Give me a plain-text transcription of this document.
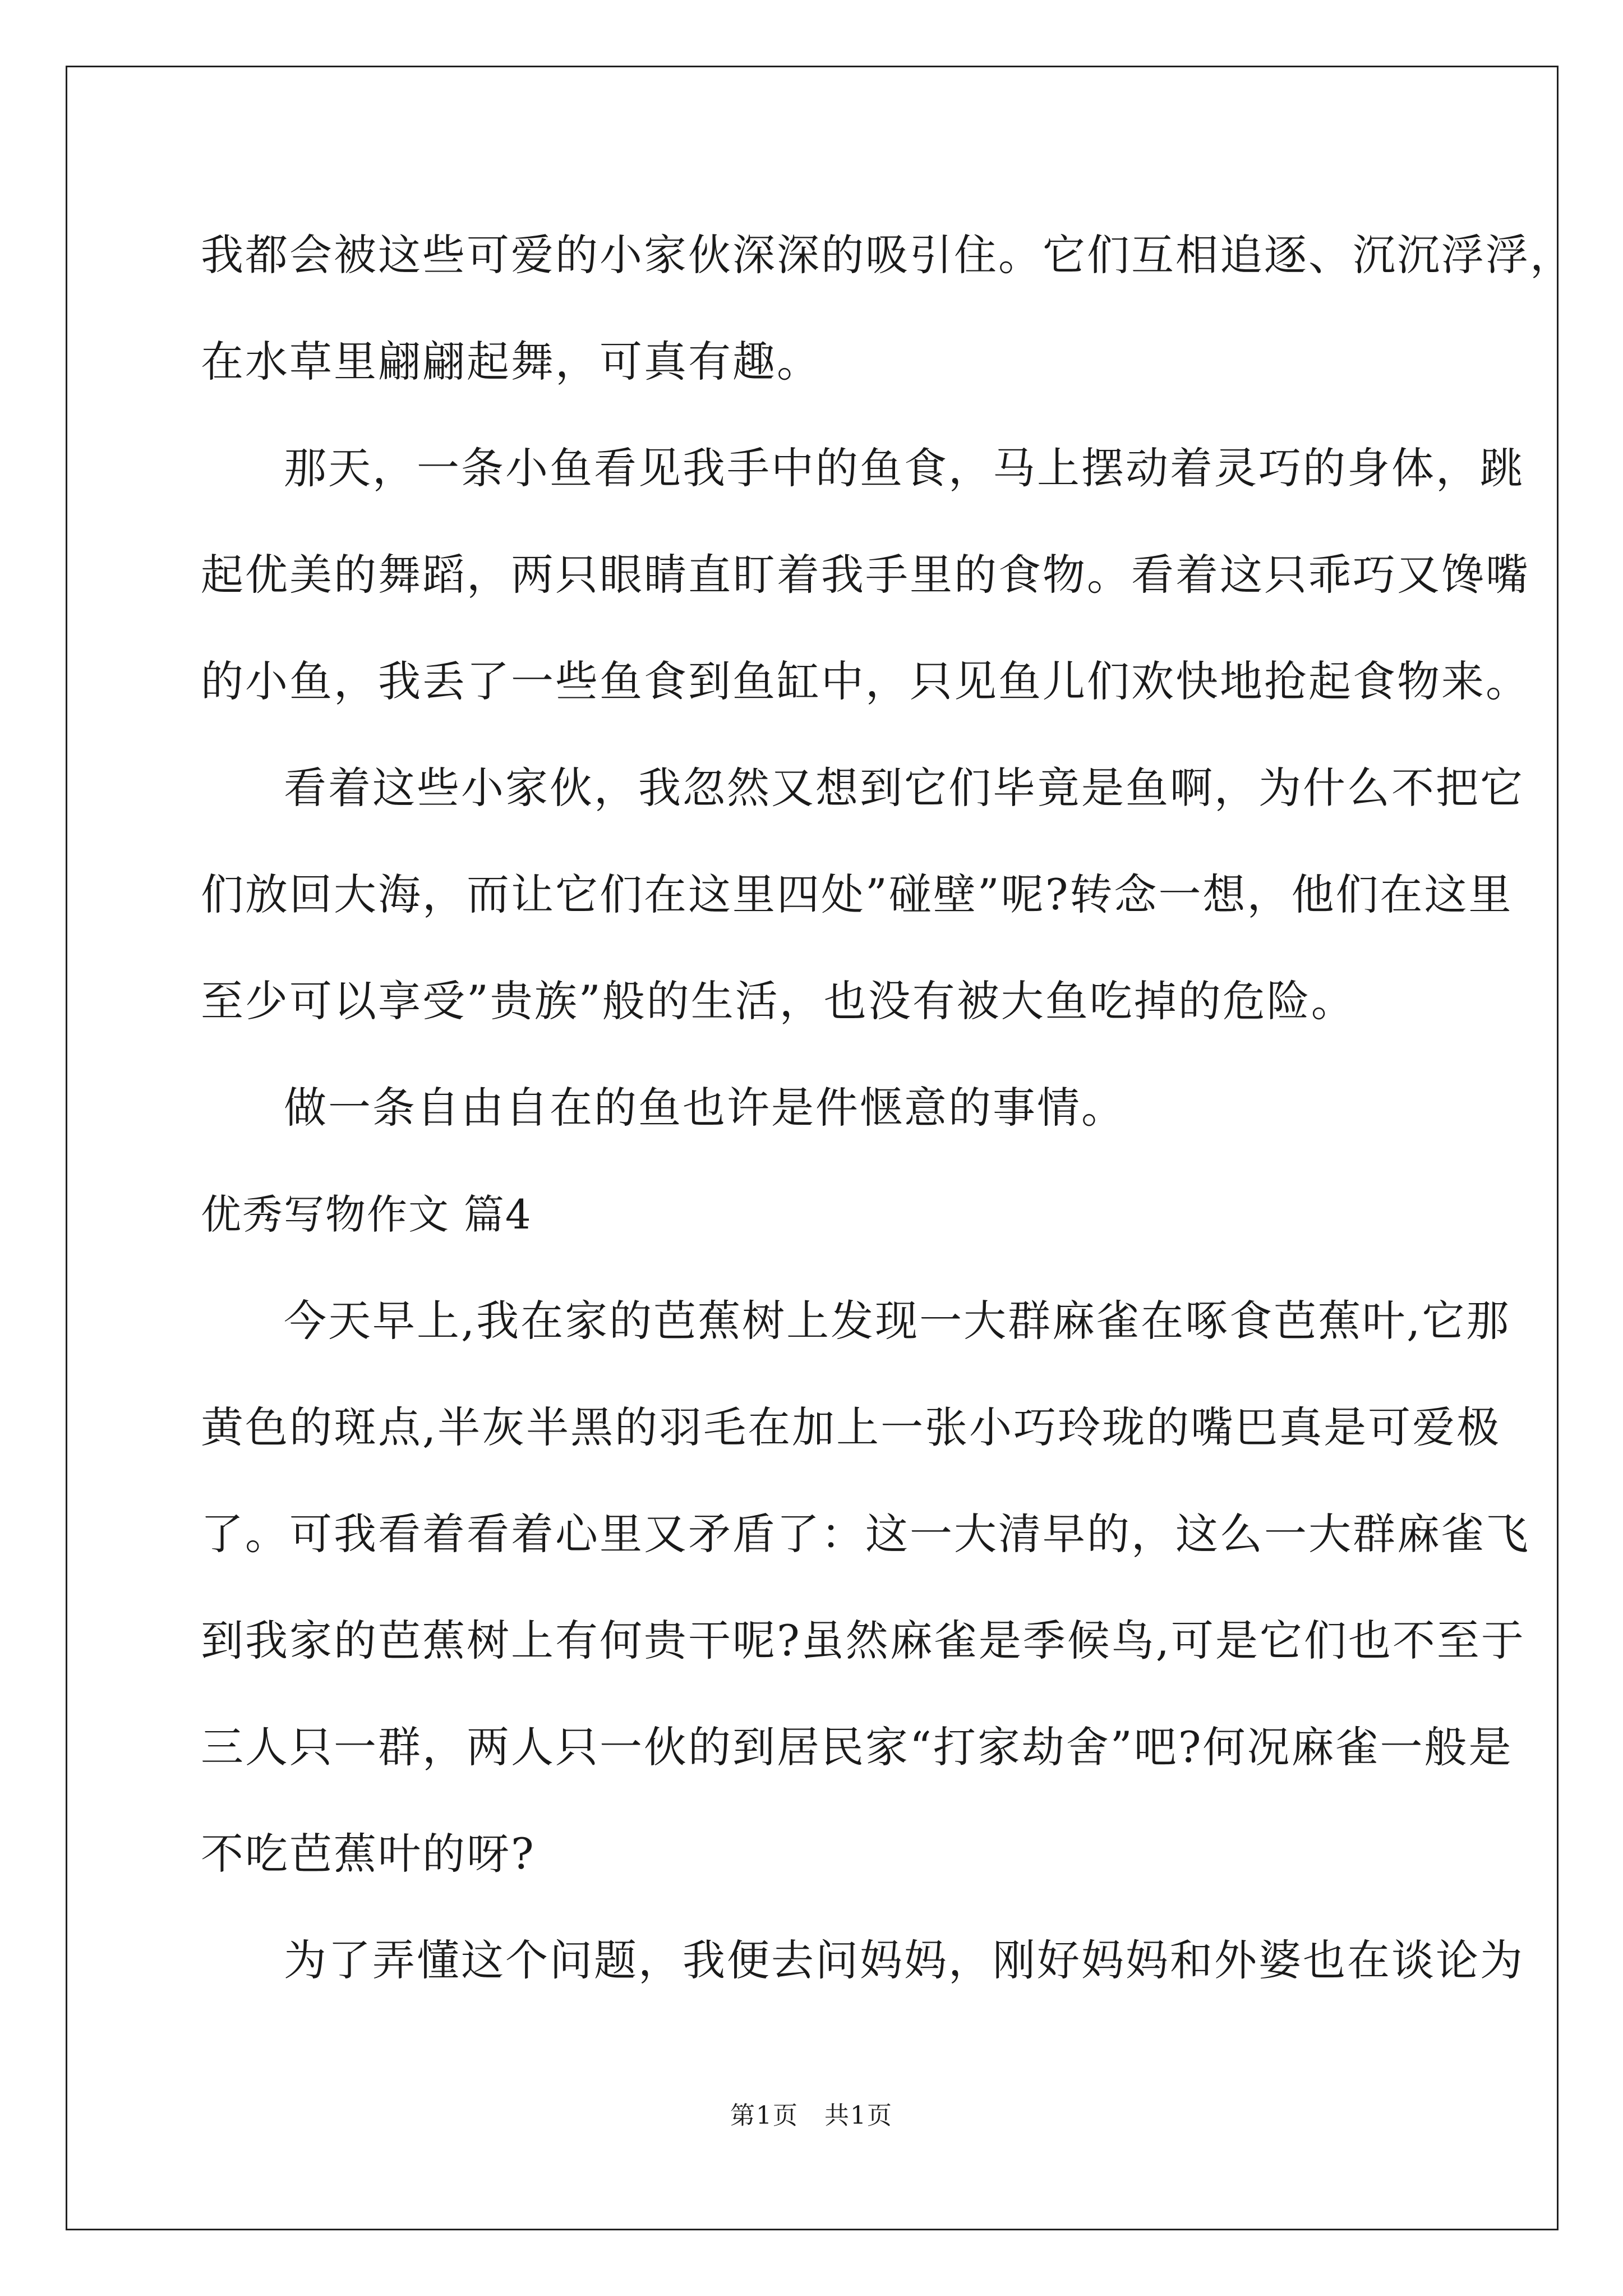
我都会被这些可爱的小家伙深深的吸引住。它们互相追逐、沉沉浮浮，
在水草里翩翩起舞，可真有趣。
那天，一条小鱼看见我手中的鱼食，马上摆动着灵巧的身体，跳
起优美的舞蹈，两只眼睛直盯着我手里的食物。看着这只乖巧又馋嘴
的小鱼，我丢了一些鱼食到鱼缸中，只见鱼儿们欢快地抢起食物来。
看着这些小家伙，我忽然又想到它们毕竟是鱼啊，为什么不把它
们放回大海，而让它们在这里四处”碰壁”呢?转念一想，他们在这里
至少可以享受”贵族”般的生活，也没有被大鱼吃掉的危险。
做一条自由自在的鱼也许是件惬意的事情。
优秀写物作文 篇4
今天早上,我在家的芭蕉树上发现一大群麻雀在啄食芭蕉叶,它那
黄色的斑点,半灰半黑的羽毛在加上一张小巧玲珑的嘴巴真是可爱极
了。可我看着看着心里又矛盾了：这一大清早的，这么一大群麻雀飞
到我家的芭蕉树上有何贵干呢?虽然麻雀是季候鸟,可是它们也不至于
三人只一群，两人只一伙的到居民家“打家劫舍”吧?何况麻雀一般是
不吃芭蕉叶的呀?
为了弄懂这个问题，我便去问妈妈，刚好妈妈和外婆也在谈论为
第1页　共1页
